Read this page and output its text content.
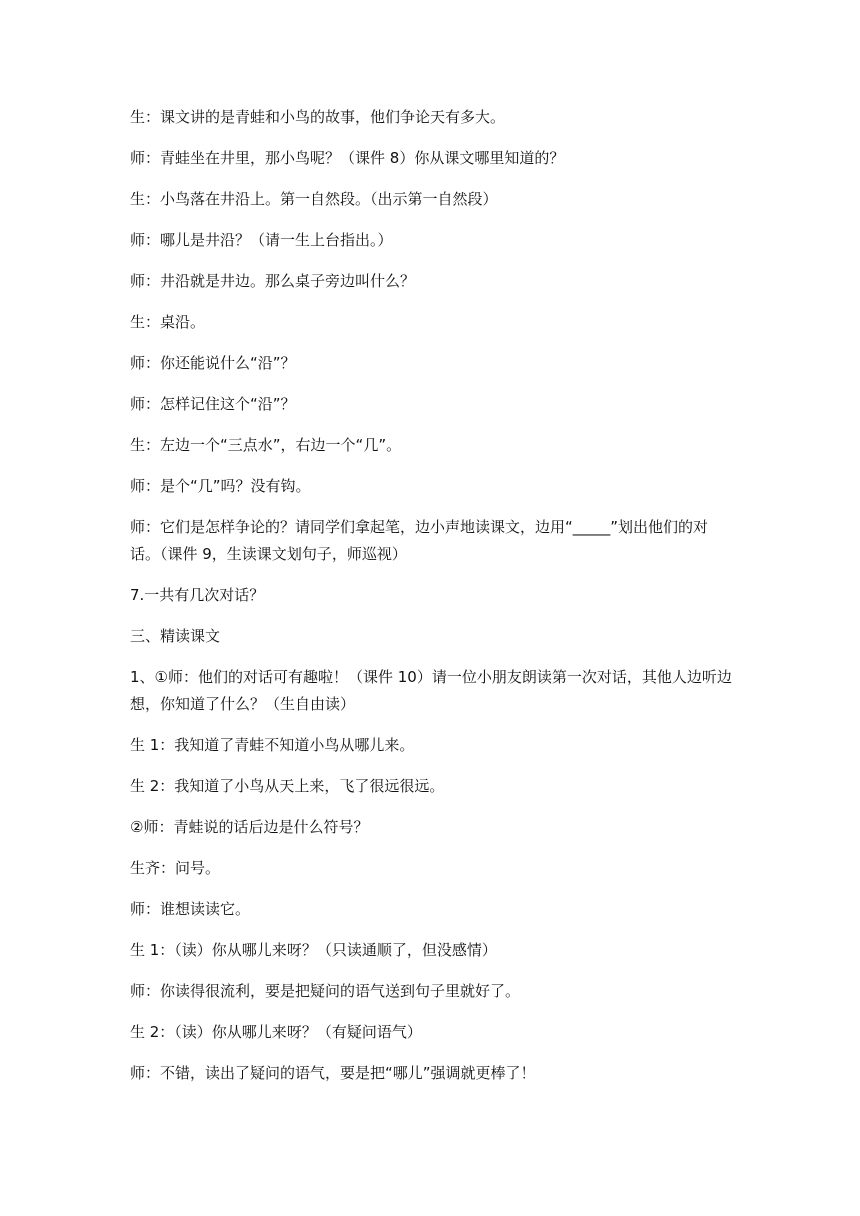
生：课文讲的是青蛙和小鸟的故事，他们争论天有多大。

师：青蛙坐在井里，那小鸟呢？（课件 8）你从课文哪里知道的？

生：小鸟落在井沿上。第一自然段。（出示第一自然段）

师：哪儿是井沿？（请一生上台指出。）

师：井沿就是井边。那么桌子旁边叫什么？

生：桌沿。

师：你还能说什么“沿”？

师：怎样记住这个“沿”？

生：左边一个“三点水”，右边一个“几”。

师：是个“几”吗？没有钩。

师：它们是怎样争论的？请同学们拿起笔，边小声地读课文，边用“_____”划出他们的对话。（课件 9，生读课文划句子，师巡视）

7.一共有几次对话？

三、精读课文

1、①师：他们的对话可有趣啦！（课件 10）请一位小朋友朗读第一次对话，其他人边听边想，你知道了什么？（生自由读）

生 1：我知道了青蛙不知道小鸟从哪儿来。

生 2：我知道了小鸟从天上来，飞了很远很远。

②师：青蛙说的话后边是什么符号？

生齐：问号。

师：谁想读读它。

生 1：（读）你从哪儿来呀？（只读通顺了，但没感情）

师：你读得很流利，要是把疑问的语气送到句子里就好了。

生 2：（读）你从哪儿来呀？（有疑问语气）

师：不错，读出了疑问的语气，要是把“哪儿”强调就更棒了！
